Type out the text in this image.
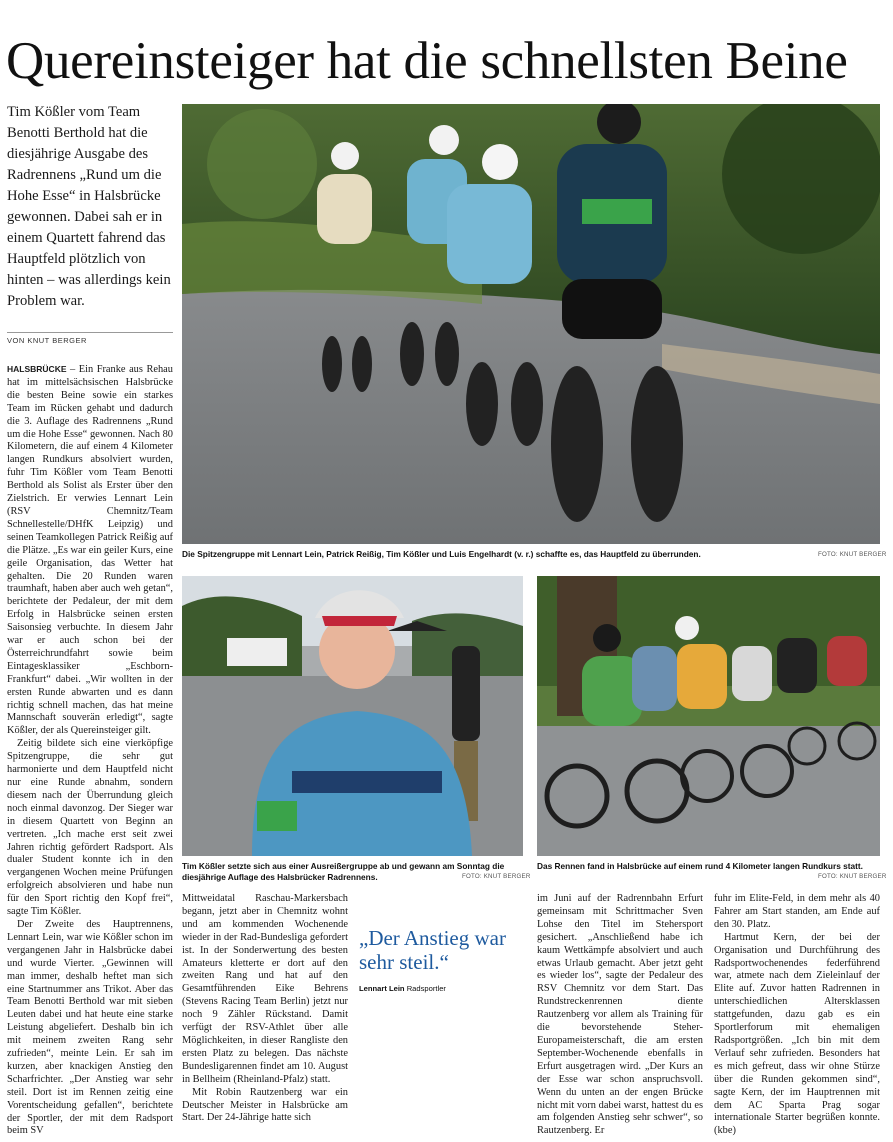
Quereinsteiger hat die schnellsten Beine
Tim Kößler vom Team Benotti Berthold hat die diesjährige Ausgabe des Radrennens „Rund um die Hohe Esse“ in Halsbrücke gewonnen. Dabei sah er in einem Quartett fahrend das Hauptfeld plötzlich von hinten – was allerdings kein Problem war.
VON KNUT BERGER

HALSBRÜCKE – Ein Franke aus Rehau hat im mittelsächsischen Halsbrücke die besten Beine sowie ein starkes Team im Rücken gehabt und dadurch die 3. Auflage des Radrennens „Rund um die Hohe Esse“ gewonnen. Nach 80 Kilometern, die auf einem 4 Kilometer langen Rundkurs absolviert wurden, fuhr Tim Kößler vom Team Benotti Berthold als Solist als Erster über den Zielstrich. Er verwies Lennart Lein (RSV Chemnitz/Team Schnellestelle/DHfK Leipzig) und seinen Teamkollegen Patrick Reißig auf die Plätze. „Es war ein geiler Kurs, eine geile Organisation, das Wetter hat gehalten. Die 20 Runden waren traumhaft, haben aber auch weh getan“, berichtete der Pedaleur, der mit dem Erfolg in Halsbrücke seinen ersten Saisonsieg verbuchte. In diesem Jahr war er auch schon bei der Österreichrundfahrt sowie beim Eintagesklassiker „Eschborn-Frankfurt“ dabei. „Wir wollten in der ersten Runde abwarten und es dann richtig schnell machen, das hat meine Mannschaft souverän erledigt“, sagte Kößler, der als Quereinsteiger gilt.

Zeitig bildete sich eine vierköpfige Spitzengruppe, die sehr gut harmonierte und dem Hauptfeld nicht nur eine Runde abnahm, sondern diesem nach der Überrundung gleich noch einmal davonzog. Der Sieger war in diesem Quartett von Beginn an vertreten. „Ich mache erst seit zwei Jahren richtig gefördert Radsport. Als dualer Student konnte ich in den vergangenen Wochen meine Prüfungen erfolgreich absolvieren und habe nun für den Sport richtig den Kopf frei“, sagte Tim Kößler.

Der Zweite des Hauptrennens, Lennart Lein, war wie Kößler schon im vergangenen Jahr in Halsbrücke dabei und wurde Vierter. „Gewinnen will man immer, deshalb heftet man sich eine Startnummer ans Trikot. Aber das Team Benotti Berthold war mit sieben Leuten dabei und hat heute eine starke Leistung abgeliefert. Deshalb bin ich mit meinem zweiten Rang sehr zufrieden“, meinte Lein. Er sah im kurzen, aber knackigen Anstieg den Scharfrichter. „Der Anstieg war sehr steil. Dort ist im Rennen zeitig eine Vorentscheidung gefallen“, berichtete der Sportler, der mit dem Radsport beim SV

Die Spitzengruppe mit Lennart Lein, Patrick Reißig, Tim Kößler und Luis Engelhardt (v. r.) schaffte es, das Hauptfeld zu überrunden.	FOTO: KNUT BERGER
Tim Kößler setzte sich aus einer Ausreißergruppe ab und gewann am Sonntag die diesjährige Auflage des Halsbrücker Radrennens.	FOTO: KNUT BERGER
Das Rennen fand in Halsbrücke auf einem rund 4 Kilometer langen Rundkurs statt.
FOTO: KNUT BERGER

Mittweidatal Raschau-Markersbach begann, jetzt aber in Chemnitz wohnt und am kommenden Wochenende wieder in der Rad-Bundesliga gefordert ist. In der Sonderwertung des besten Amateurs kletterte er dort auf den zweiten Rang und hat auf den Gesamtführenden Eike Behrens (Stevens Racing Team Berlin) jetzt nur noch 9 Zähler Rückstand. Damit verfügt der RSV-Athlet über alle Möglichkeiten, in dieser Rangliste den ersten Platz zu belegen. Das nächste Bundesligarennen findet am 10. August in Bellheim (Rheinland-Pfalz) statt.

Mit Robin Rautzenberg war ein Deutscher Meister in Halsbrücke am Start. Der 24-Jährige hatte sich

„Der Anstieg war sehr steil.“
Lennart Lein Radsportler

im Juni auf der Radrennbahn Erfurt gemeinsam mit Schrittmacher Sven Lohse den Titel im Stehersport gesichert. „Anschließend habe ich kaum Wettkämpfe absolviert und auch etwas Urlaub gemacht. Aber jetzt geht es wieder los“, sagte der Pedaleur des RSV Chemnitz vor dem Start. Das Rundstreckenrennen diente Rautzenberg vor allem als Training für die bevorstehende Steher-Europameisterschaft, die am ersten September-Wochenende ebenfalls in Erfurt ausgetragen wird. „Der Kurs an der Esse war schon anspruchsvoll. Wenn du unten an der engen Brücke nicht mit vorn dabei warst, hattest du es am folgenden Anstieg sehr schwer“, so Rautzenberg. Er

fuhr im Elite-Feld, in dem mehr als 40 Fahrer am Start standen, am Ende auf den 30. Platz.

Hartmut Kern, der bei der Organisation und Durchführung des Radsportwochenendes federführend war, atmete nach dem Zieleinlauf der Elite auf. Zuvor hatten Radrennen in unterschiedlichen Altersklassen stattgefunden, dazu gab es ein Sportlerforum mit ehemaligen Radsportgrößen. „Ich bin mit dem Verlauf sehr zufrieden. Besonders hat es mich gefreut, dass wir ohne Stürze über die Runden gekommen sind“, sagte Kern, der im Hauptrennen mit dem AC Sparta Prag sogar internationale Starter begrüßen konnte. (kbe)
